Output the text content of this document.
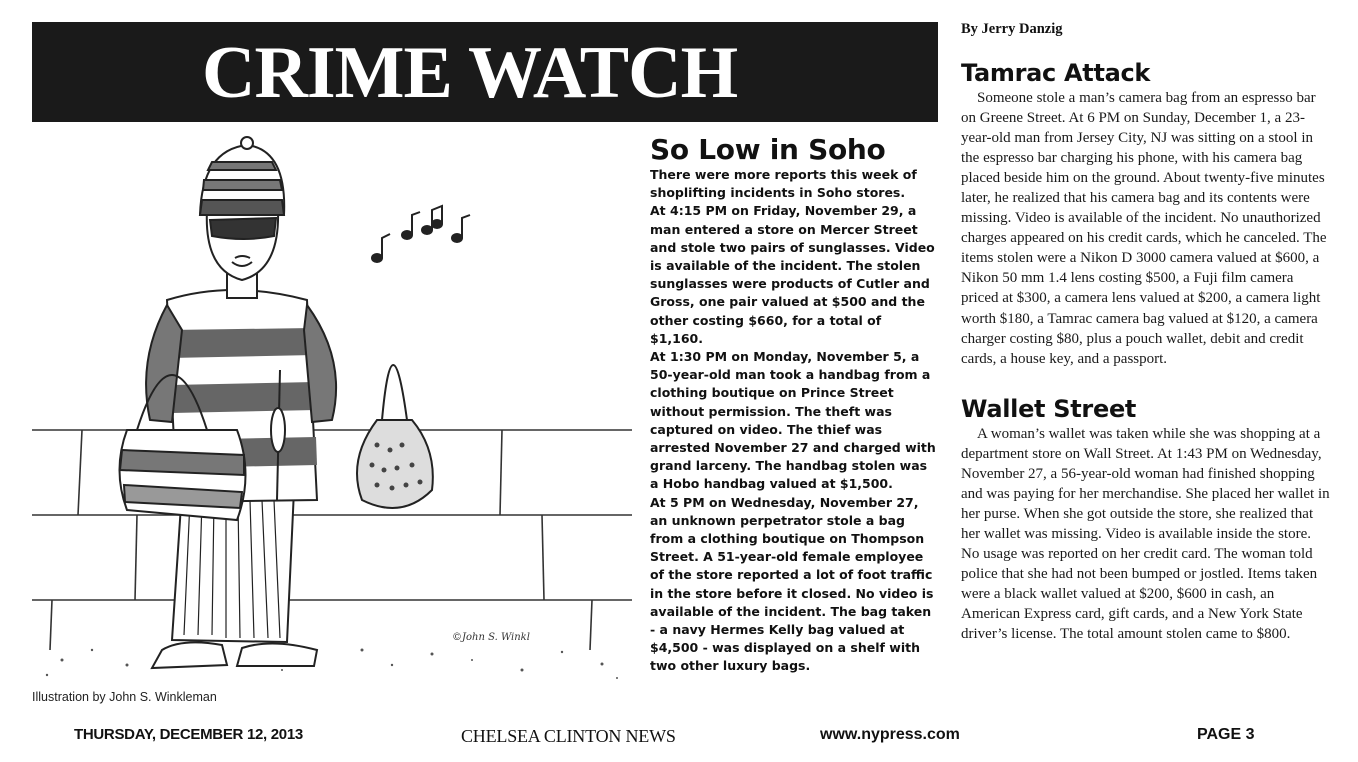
CRIME WATCH
©John S. Winkl
Illustration by John S. Winkleman
So Low in Soho

There were more reports this week of shoplifting incidents in Soho stores.

At 4:15 PM on Friday, November 29, a man entered a store on Mercer Street and stole two pairs of sunglasses. Video is available of the incident. The stolen sunglasses were products of Cutler and Gross, one pair valued at $500 and the other costing $660, for a total of $1,160.

At 1:30 PM on Monday, November 5, a 50-year-old man took a handbag from a clothing boutique on Prince Street without permission. The theft was captured on video. The thief was arrested November 27 and charged with grand larceny. The handbag stolen was a Hobo handbag valued at $1,500.

At 5 PM on Wednesday, November 27, an unknown perpetrator stole a bag from a clothing boutique on Thompson Street. A 51-year-old female employee of the store reported a lot of foot traffic in the store before it closed. No video is available of the incident. The bag taken - a navy Hermes Kelly bag valued at $4,500 - was displayed on a shelf with two other luxury bags.

By Jerry Danzig

Tamrac Attack

Someone stole a man’s camera bag from an espresso bar on Greene Street. At 6 PM on Sunday, December 1, a 23-year-old man from Jersey City, NJ was sitting on a stool in the espresso bar charging his phone, with his camera bag placed beside him on the ground. About twenty-five minutes later, he realized that his camera bag and its contents were missing. Video is available of the incident. No unauthorized charges appeared on his credit cards, which he canceled. The items stolen were a Nikon D 3000 camera valued at $600, a Nikon 50 mm 1.4 lens costing $500, a Fuji film camera priced at $300, a camera lens valued at $200, a camera light worth $180, a Tamrac camera bag valued at $120, a camera charger costing $80, plus a pouch wallet, debit and credit cards, a house key, and a passport.

Wallet Street

A woman’s wallet was taken while she was shopping at a department store on Wall Street. At 1:43 PM on Wednesday, November 27, a 56-year-old woman had finished shopping and was paying for her merchandise. She placed her wallet in her purse. When she got outside the store, she realized that her wallet was missing. Video is available inside the store. No usage was reported on her credit card. The woman told police that she had not been bumped or jostled. Items taken were a black wallet valued at $200, $600 in cash, an American Express card, gift cards, and a New York State driver’s license. The total amount stolen came to $800.

THURSDAY, DECEMBER 12, 2013	CHELSEA CLINTON NEWS	www.nypress.com	PAGE 3
